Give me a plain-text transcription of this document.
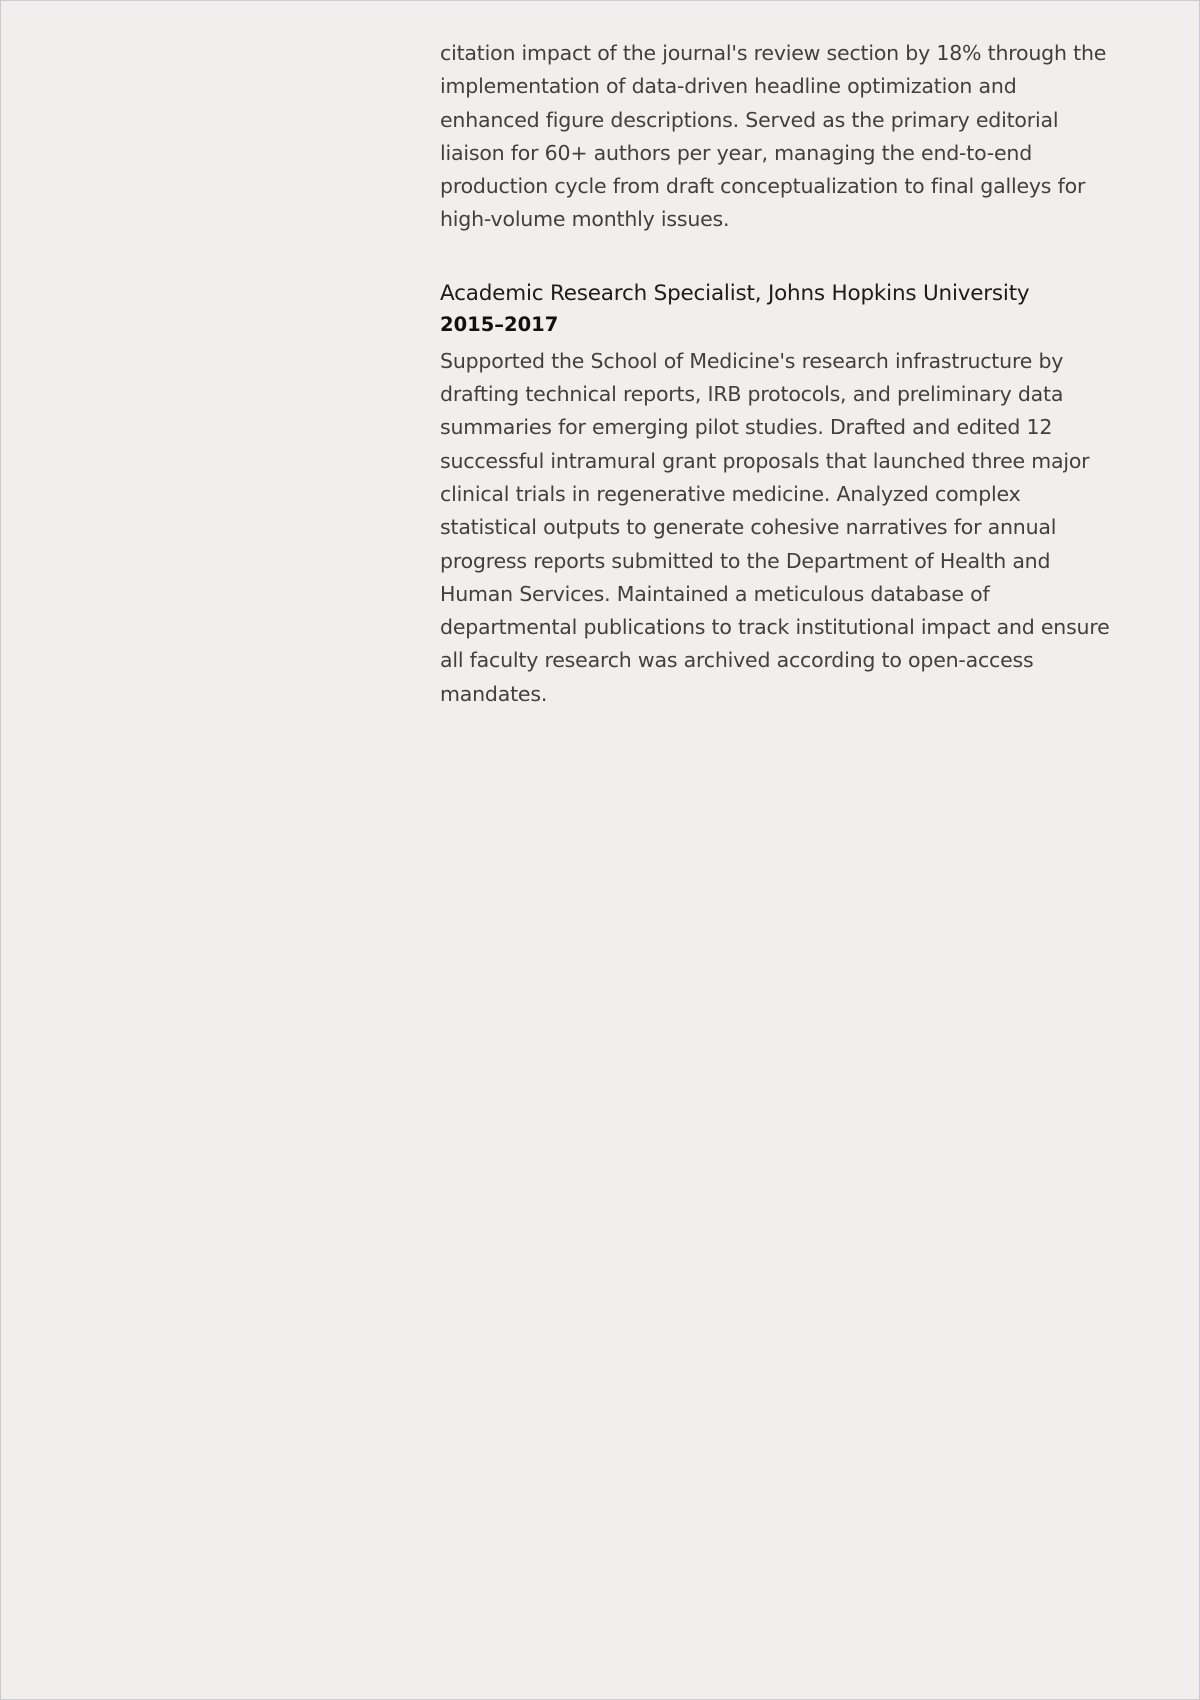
citation impact of the journal's review section by 18% through the implementation of data-driven headline optimization and enhanced figure descriptions. Served as the primary editorial liaison for 60+ authors per year, managing the end-to-end production cycle from draft conceptualization to final galleys for high-volume monthly issues.

Academic Research Specialist, Johns Hopkins University

2015–2017

Supported the School of Medicine's research infrastructure by drafting technical reports, IRB protocols, and preliminary data summaries for emerging pilot studies. Drafted and edited 12 successful intramural grant proposals that launched three major clinical trials in regenerative medicine. Analyzed complex statistical outputs to generate cohesive narratives for annual progress reports submitted to the Department of Health and Human Services. Maintained a meticulous database of departmental publications to track institutional impact and ensure all faculty research was archived according to open-access mandates.
